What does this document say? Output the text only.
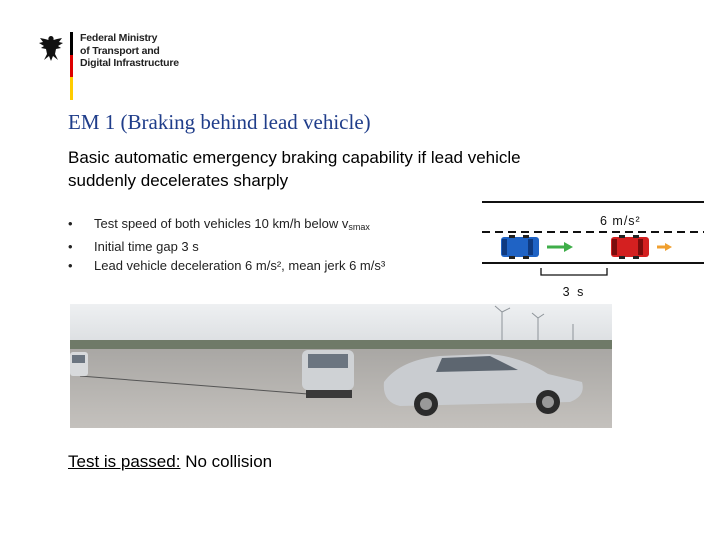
Federal Ministry
of Transport and
Digital Infrastructure
EM 1 (Braking behind lead vehicle)
Basic automatic emergency braking capability if lead vehicle suddenly decelerates sharply
• Test speed of both vehicles 10 km/h below $v_{smax}$
• Initial time gap 3 s
• Lead vehicle deceleration 6 m/s², mean jerk 6 m/s³
6 m/s²
3 s
Test is passed: No collision
